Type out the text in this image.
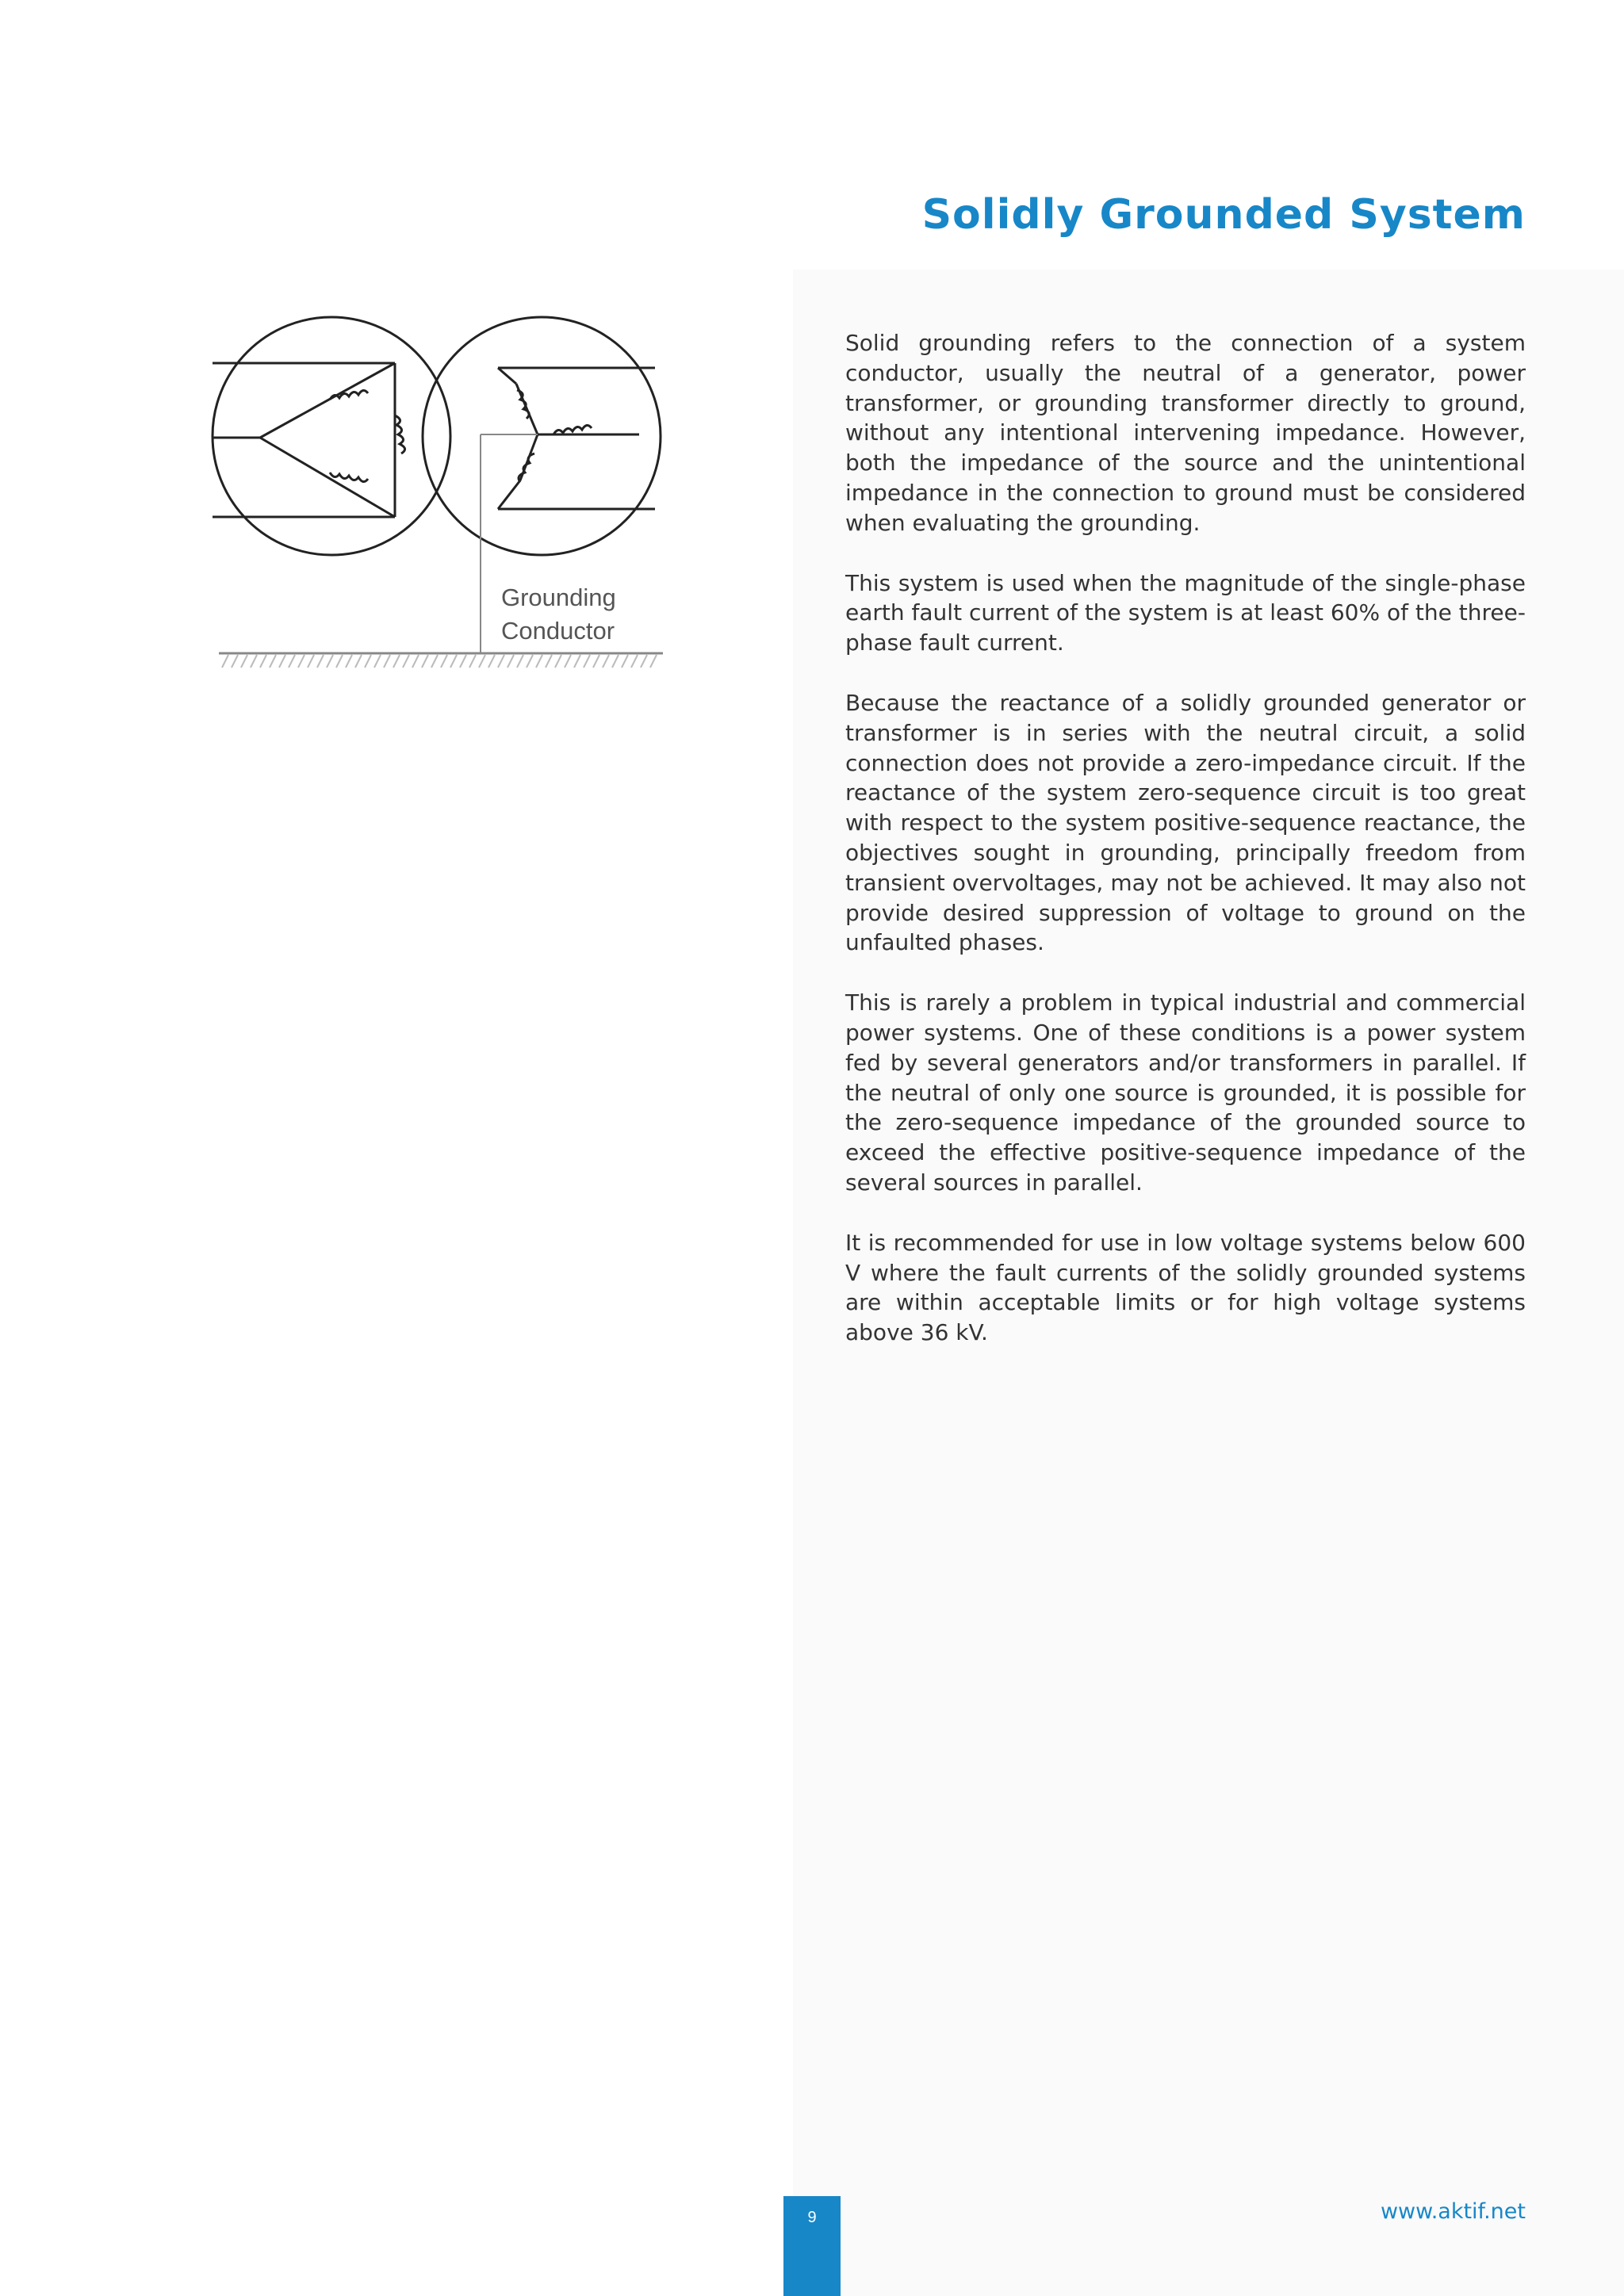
Solidly Grounded System
Grounding
Conductor

Solid grounding refers to the connection of a system conductor, usually the neutral of a generator, power transformer, or grounding transformer directly to ground, without any intentional intervening impedance. However, both the impedance of the source and the unintentional impedance in the connection to ground must be considered when evaluating the grounding.

This system is used when the magnitude of the single-phase earth fault current of the system is at least 60% of the three-phase fault current.

Because the reactance of a solidly grounded generator or transformer is in series with the neutral circuit, a solid connection does not provide a zero-impedance circuit. If the reactance of the system zero-sequence circuit is too great with respect to the system positive-sequence reactance, the objectives sought in grounding, principally freedom from transient overvoltages, may not be achieved. It may also not provide desired suppression of voltage to ground on the unfaulted phases.

This is rarely a problem in typical industrial and commercial power systems. One of these conditions is a power system fed by several generators and/or transformers in parallel. If the neutral of only one source is grounded, it is possible for the zero-sequence impedance of the grounded source to exceed the effective positive-sequence impedance of the several sources in parallel.

It is recommended for use in low voltage systems below 600 V where the fault currents of the solidly grounded systems are within acceptable limits or for high voltage systems above 36 kV.

9	www.aktif.net
